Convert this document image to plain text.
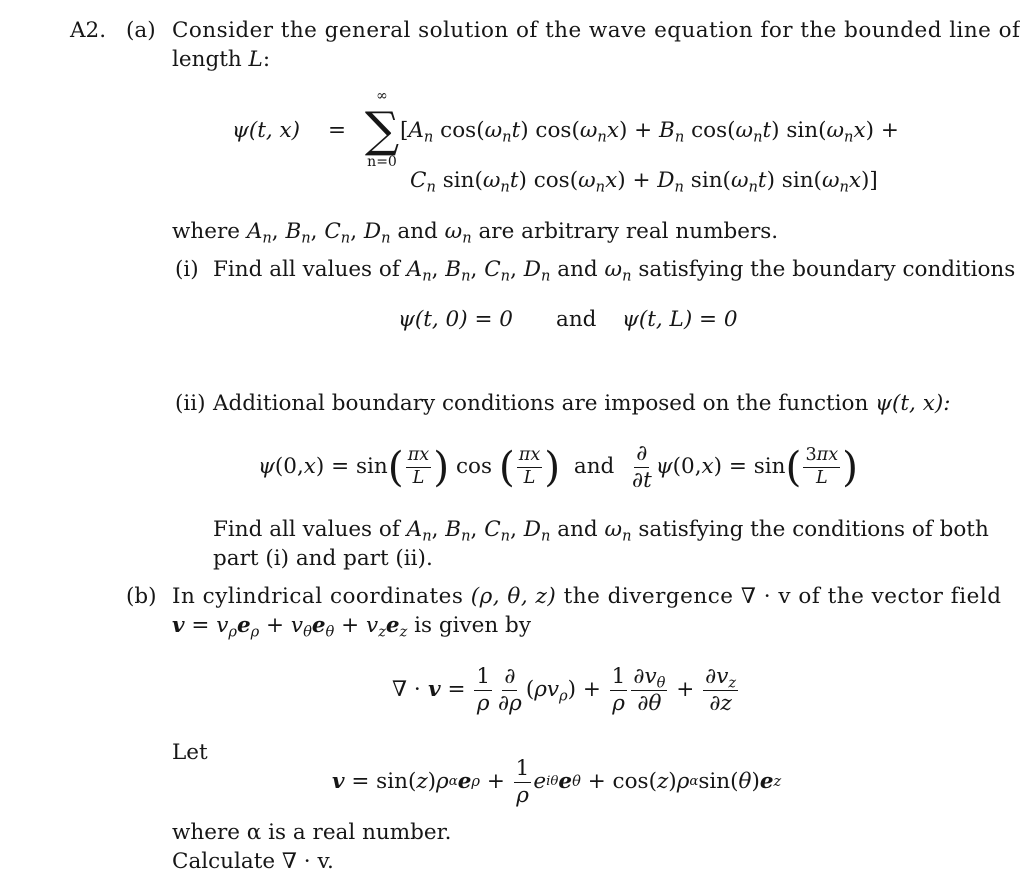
A2. (a) Consider the general solution of the wave equation for the bounded line of
length L:
ψ(t, x) =
∞
∑
n=0
[$A_n$ $\cos(\omega_nt) \cos(\omega_nx) + B_n$ $\cos(\omega_nt) \sin(\omega_nx)$ +
$C_n$ $\sin(\omega_nt) \cos(\omega_nx) + D_n$ $\sin(\omega_nt)$ $\sin(\omega_nx)$]
where $A_n$, $B_n$, $C_n$, $D_n$ and $\omega_n$ are arbitrary real numbers.
(i) Find all values of $A_n$, $B_n$, $C_n$, $D_n$ and $\omega_n$ satisfying the boundary conditions
ψ(t, 0) = 0 and ψ(t, L) = 0
(ii) Additional boundary conditions are imposed on the function ψ(t, x):
ψ (0, x ) = sin ( $\frac{\pi x}{L}$ ) cos ( $\frac{\pi x}{L}$ ) and $\frac{\partial}{\partial t}$ ψ (0, x ) = sin ( $\frac{3\pi x}{L}$ )
Find all values of $A_n$, $B_n$, $C_n$, $D_n$ and $\omega_n$ satisfying the conditions of both
part (i) and part (ii).
(b) In cylindrical coordinates (ρ, θ, z) the divergence ∇ · v of the vector field
$v = v_\rho e_\rho + v_\theta e_\theta + v_ze_z$ is given by
∇ · $v = \frac{1}{\rho} \frac{\partial}{\partial\rho}$ ( $\rho v_\rho$ ) + $\frac{1}{\rho} \frac{\partial v_\theta}{\partial\theta} + \frac{\partial v_z}{\partial z}$
Let
v = sin( z ) ρ α e $\rho + \frac{1}{\rho}$ e iθ e θ + cos( z ) ρ α sin( θ ) e z
where α is a real number.
Calculate ∇ · v.
